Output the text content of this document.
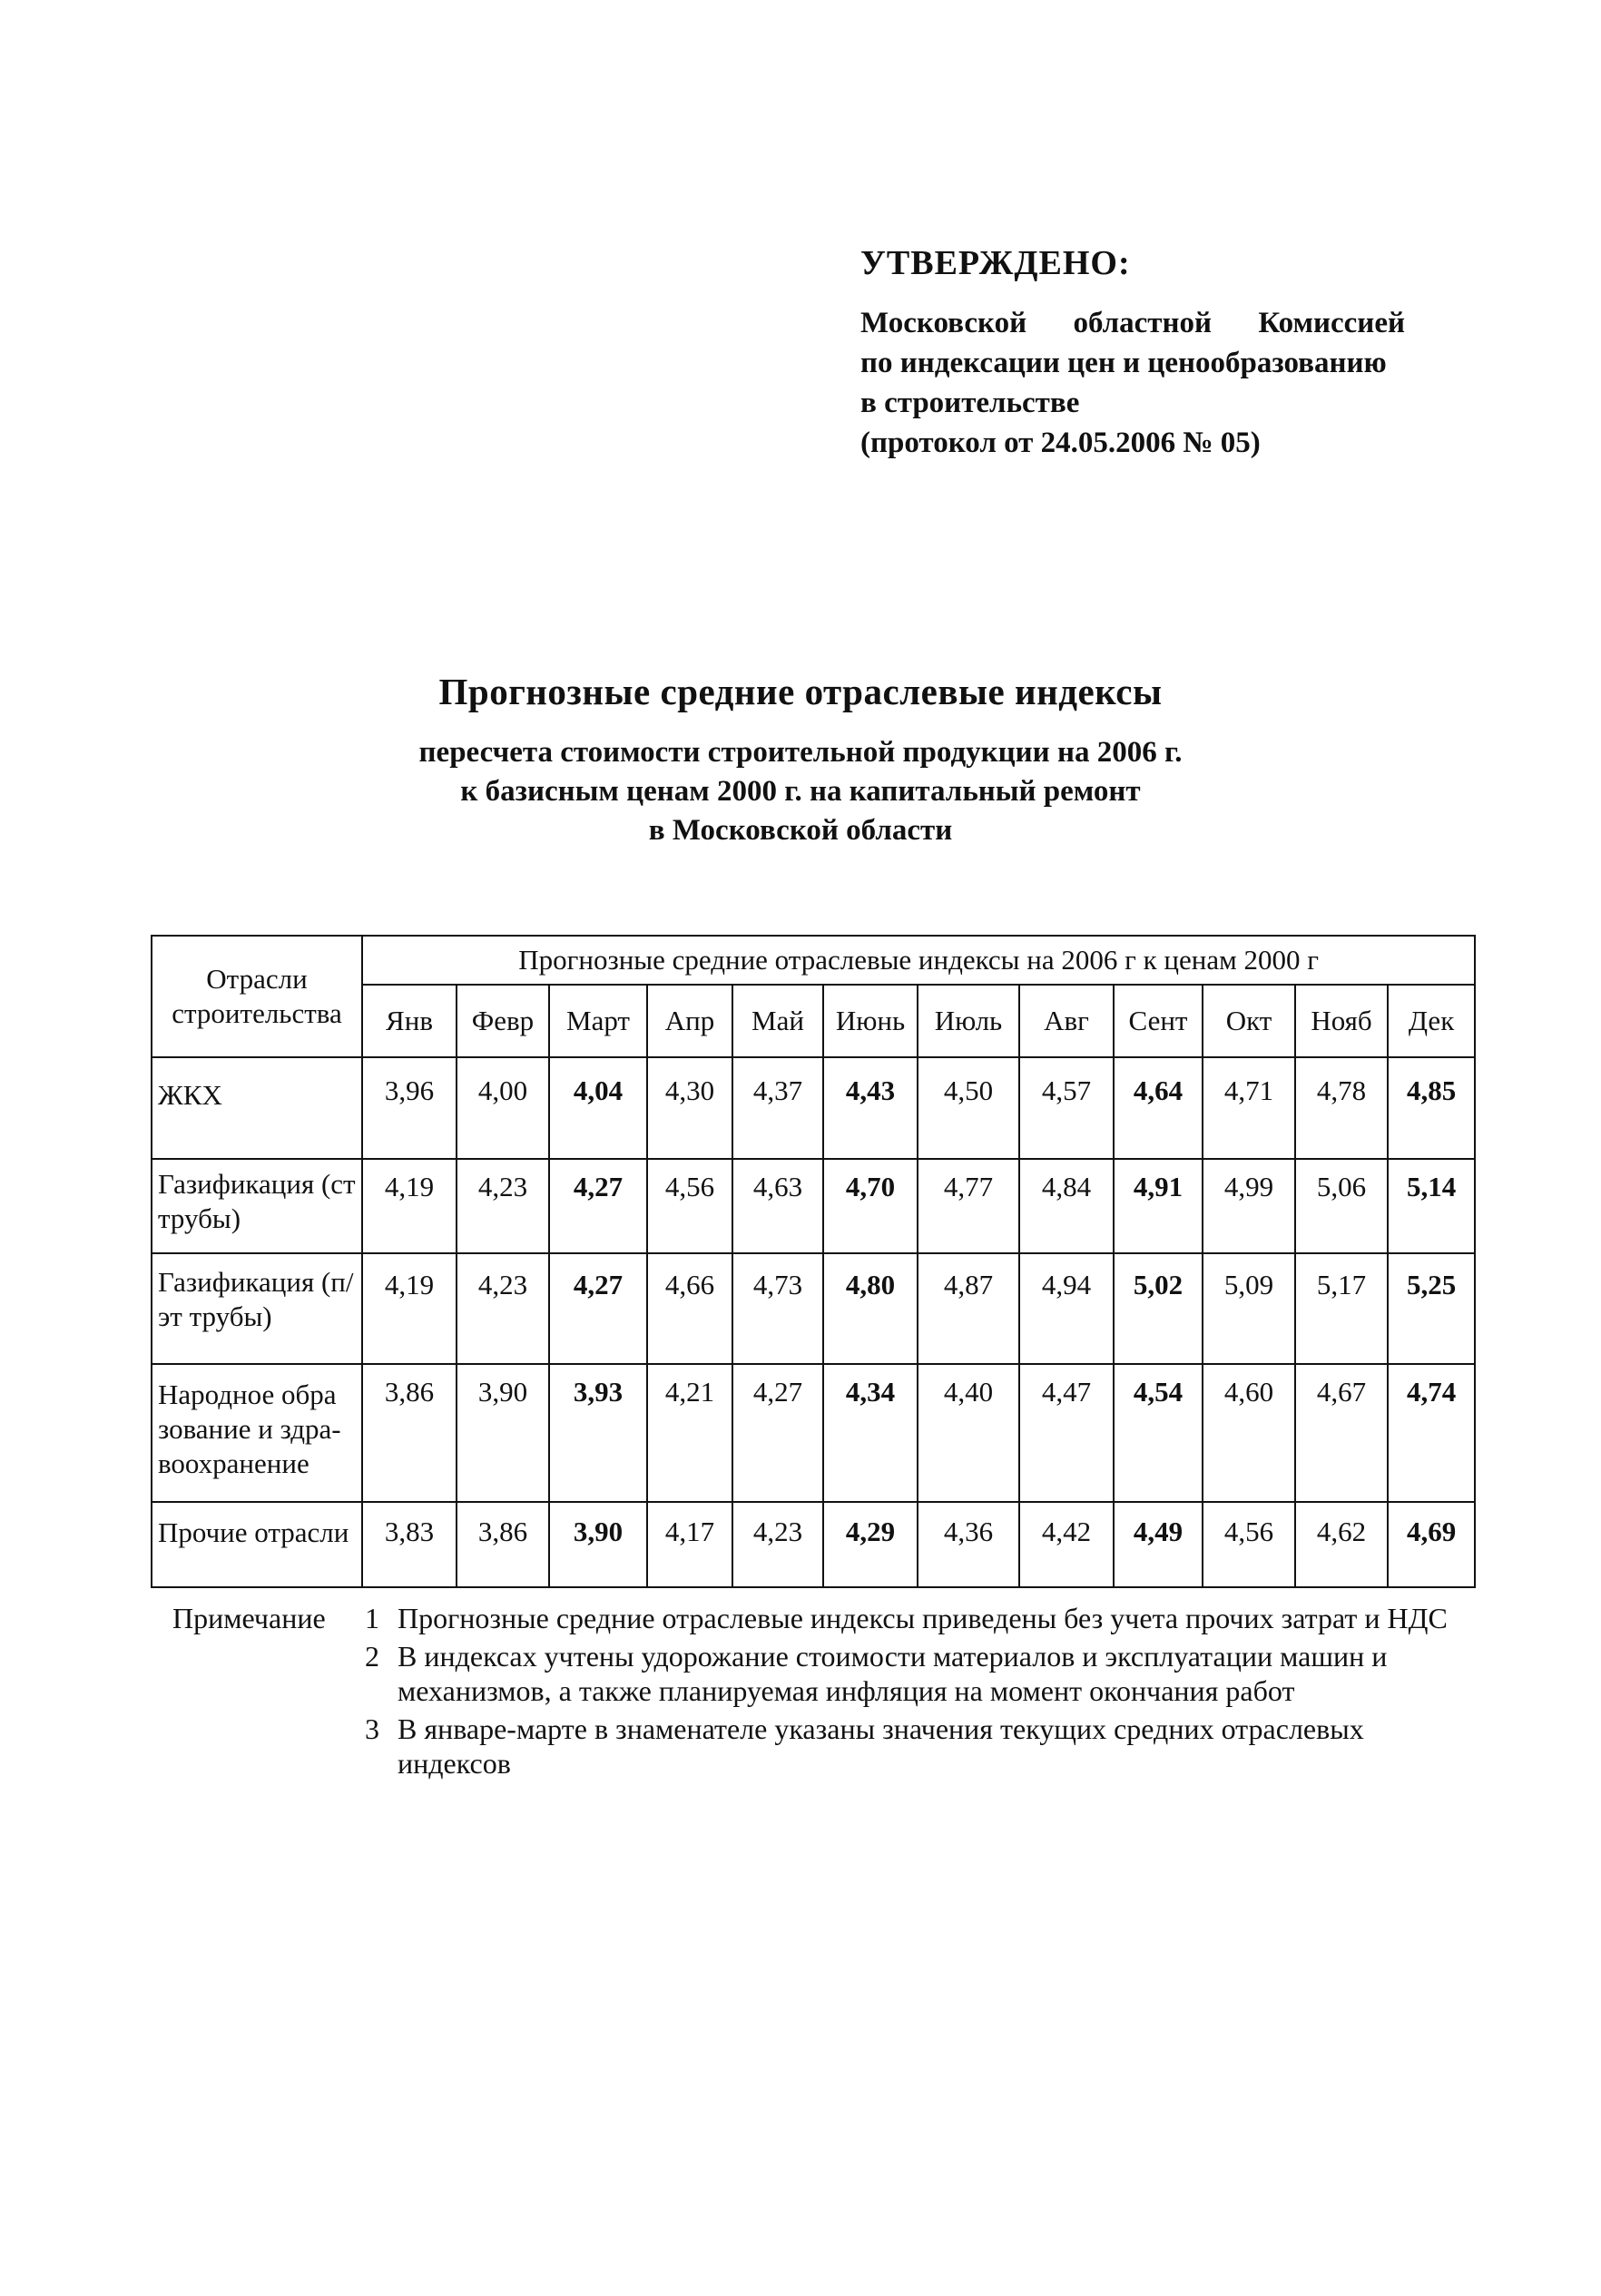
УТВЕРЖДЕНО:
Московской областной Комиссией
по индексации цен и ценообразованию
в строительстве
(протокол от 24.05.2006 № 05)
Прогнозные средние отраслевые индексы
пересчета стоимости строительной продукции на 2006 г.
к базисным ценам 2000 г. на капитальный ремонт
в Московской области
Отрасли строительства	Прогнозные средние отраслевые индексы на 2006 г к ценам 2000 г											
	Янв	Февр	Март	Апр	Май	Июнь	Июль	Авг	Сент	Окт	Нояб	Дек
ЖКХ	3,96	4,00	4,04	4,30	4,37	4,43	4,50	4,57	4,64	4,71	4,78	4,85
Газификация (ст трубы)	4,19	4,23	4,27	4,56	4,63	4,70	4,77	4,84	4,91	4,99	5,06	5,14
Газификация (п/эт трубы)	4,19	4,23	4,27	4,66	4,73	4,80	4,87	4,94	5,02	5,09	5,17	5,25
Народное обра зование и здра-воохранение	3,86	3,90	3,93	4,21	4,27	4,34	4,40	4,47	4,54	4,60	4,67	4,74
Прочие отрасли	3,83	3,86	3,90	4,17	4,23	4,29	4,36	4,42	4,49	4,56	4,62	4,69
Примечание 1 Прогнозные средние отраслевые индексы приведены без учета прочих затрат и НДС
2 В индексах учтены удорожание стоимости материалов и эксплуатации машин и механизмов, а также планируемая инфляция на момент окончания работ
3 В январе-марте в знаменателе указаны значения текущих средних отраслевых индексов
